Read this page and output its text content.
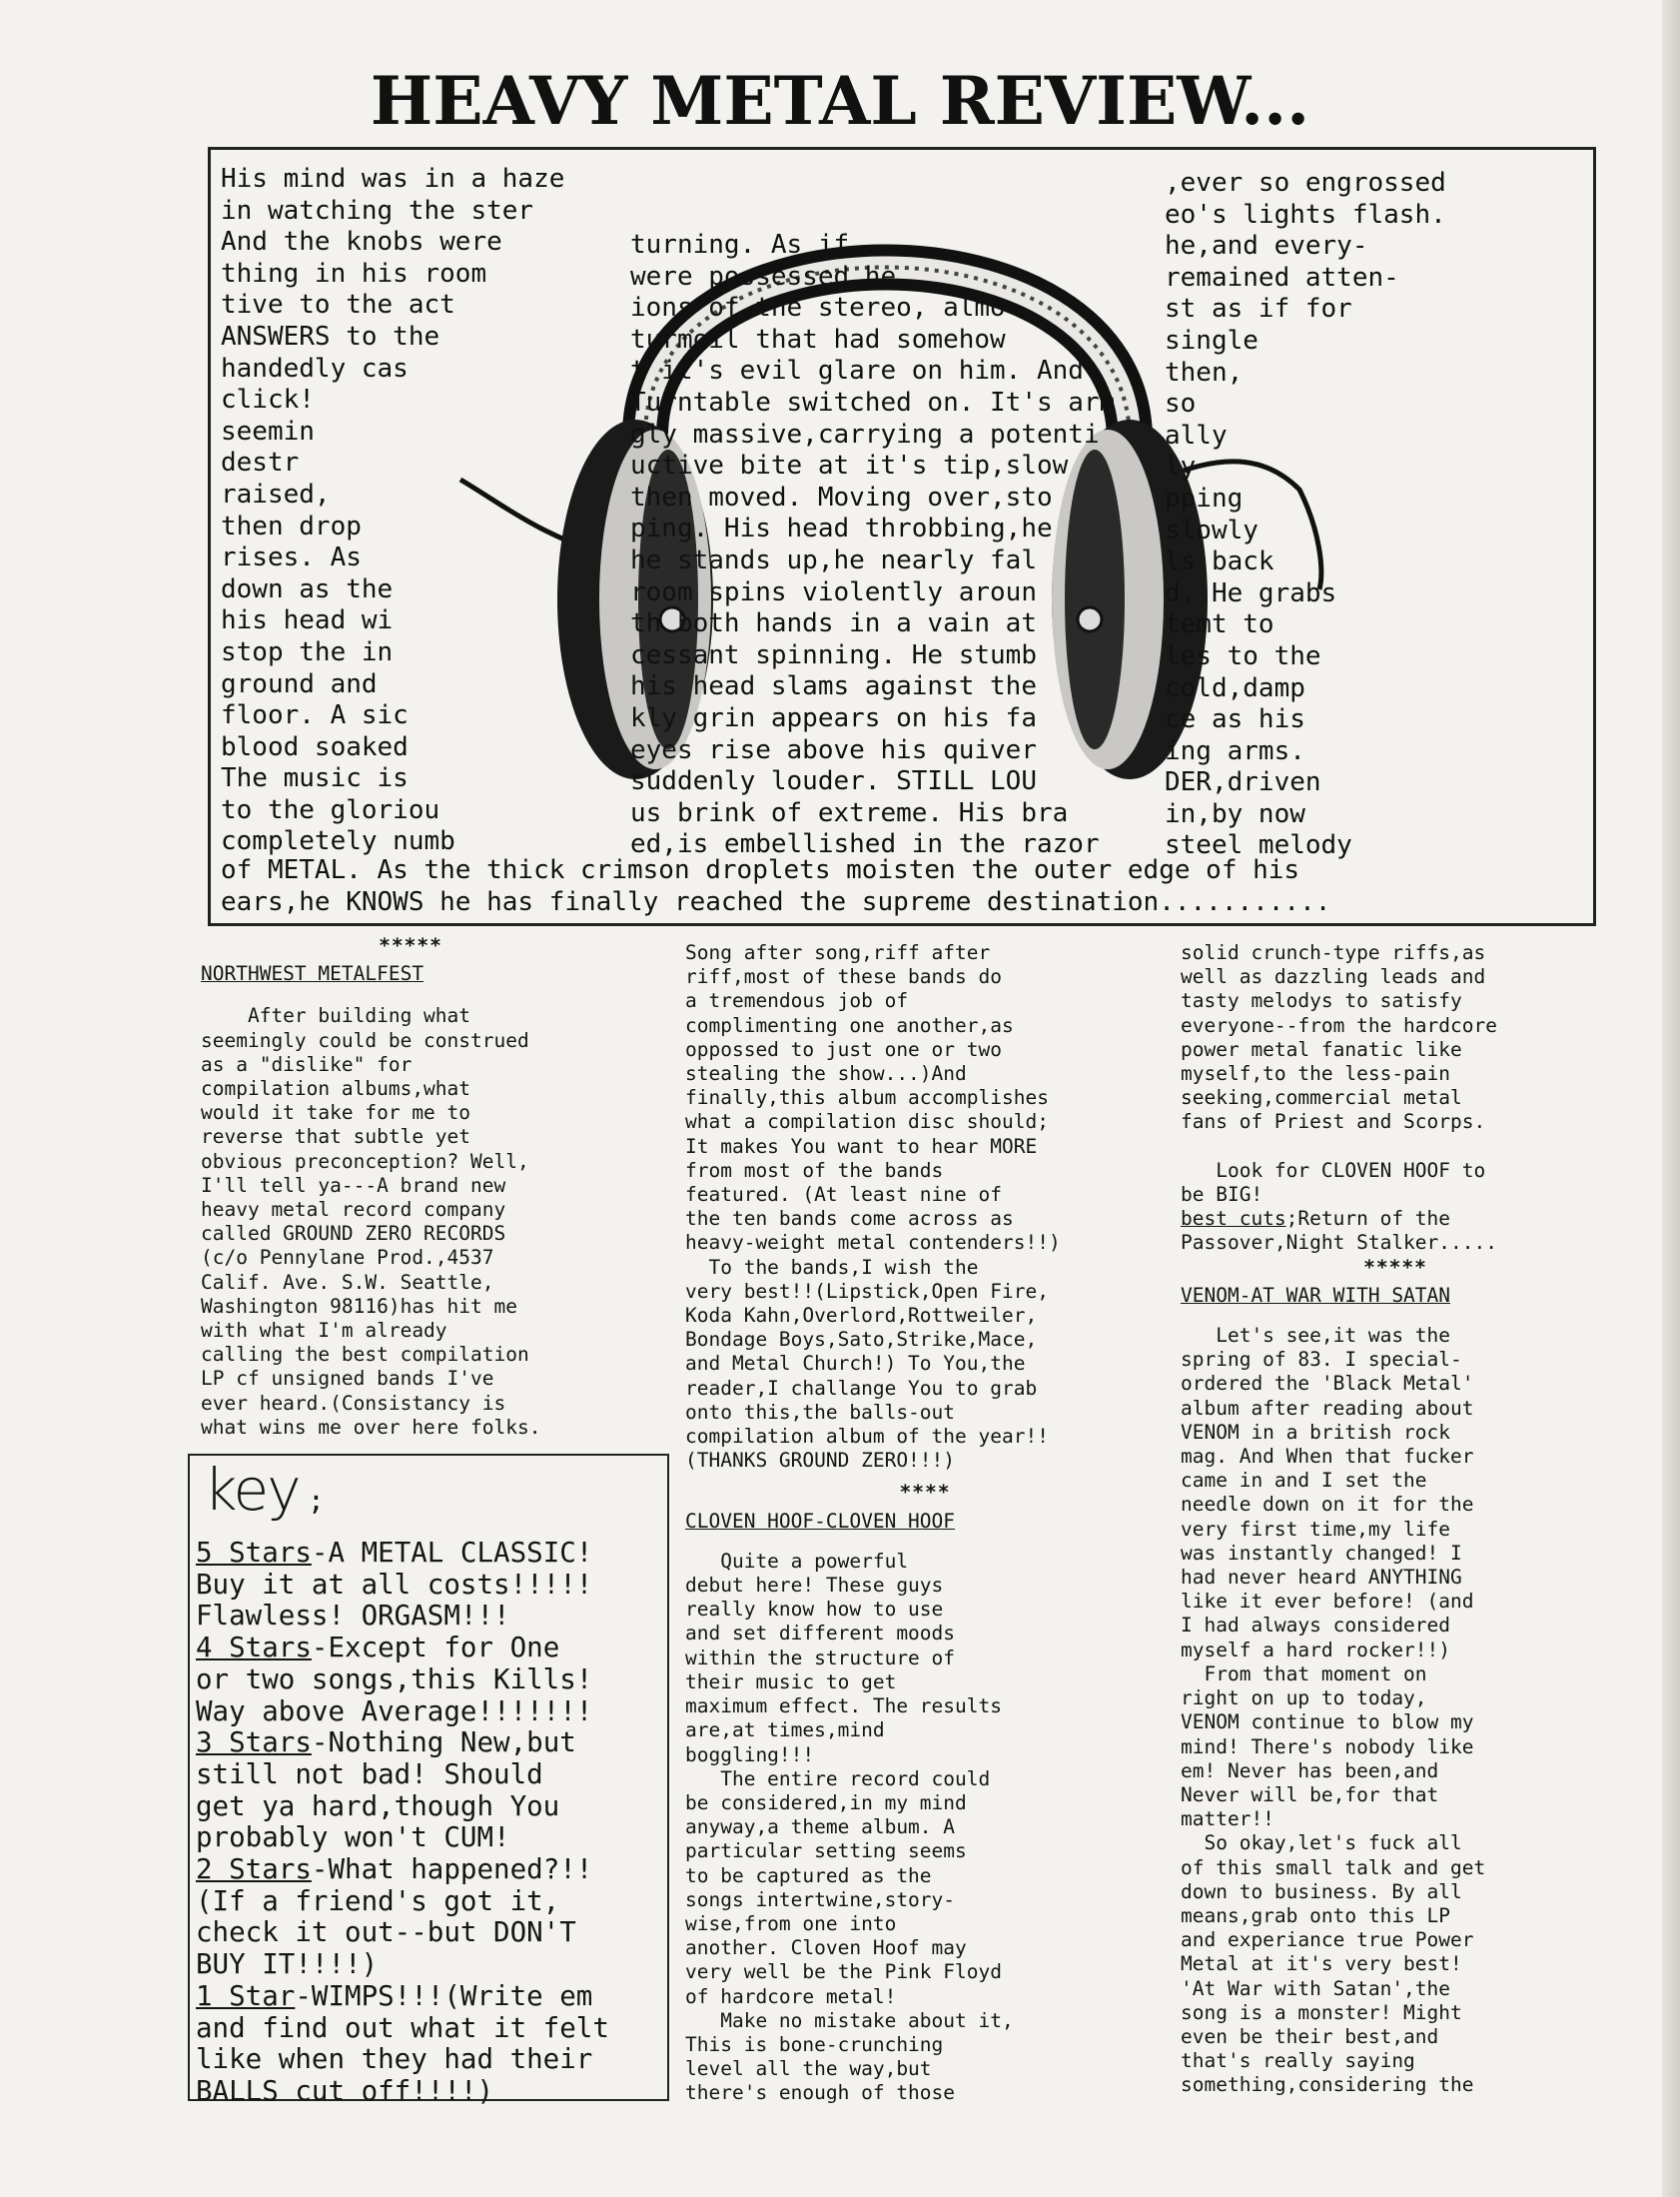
HEAVY METAL REVIEW...
His mind was in a haze
in watching the ster
And the knobs were
thing in his room
tive to the act
ANSWERS to the
handedly cas
click!
seemin
destr
raised,
then drop
rises. As
down as the
his head wi
stop the in
ground and
floor. A sic
blood soaked
The music is
to the gloriou
completely numb
turning. As if
were possessed he
ions of the stereo, almo
turmoil that had somehow
t it's evil glare on him. And
Turntable switched on. It's arm
gly massive,carrying a potenti
uctive bite at it's tip,slow
then moved. Moving over,sto
ping. His head throbbing,he
he stands up,he nearly fal
room spins violently aroun
th both hands in a vain at
cessant spinning. He stumb
his head slams against the
kly grin appears on his fa
eyes rise above his quiver
suddenly louder. STILL LOU
us brink of extreme. His bra
ed,is embellished in the razor
,ever so engrossed
eo's lights flash.
he,and every-
remained atten-
st as if for
single
then,
so
ally
ly
pping
slowly
ls back
d. He grabs
temt to
les to the
cold,damp
ce as his
ing arms.
DER,driven
in,by now
steel melody
of METAL. As the thick crimson droplets moisten the outer edge of his
ears,he KNOWS he has finally reached the supreme destination...........

*****

NORTHWEST METALFEST

After building what

seemingly could be construed

as a "dislike" for

compilation albums,what

would it take for me to

reverse that subtle yet

obvious preconception? Well,

I'll tell ya---A brand new

heavy metal record company

called GROUND ZERO RECORDS

(c/o Pennylane Prod.,4537

Calif. Ave. S.W. Seattle,

Washington 98116)has hit me

with what I'm already

calling the best compilation

LP cf unsigned bands I've

ever heard.(Consistancy is

what wins me over here folks.

key ;
5 Stars-A METAL CLASSIC!
Buy it at all costs!!!!!
Flawless! ORGASM!!!
4 Stars-Except for One
or two songs,this Kills!
Way above Average!!!!!!!
3 Stars-Nothing New,but
still not bad! Should
get ya hard,though You
probably won't CUM!
2 Stars-What happened?!!
(If a friend's got it,
check it out--but DON'T
BUY IT!!!!)
1 Star-WIMPS!!!(Write em
and find out what it felt
like when they had their
BALLS cut off!!!!)

Song after song,riff after

riff,most of these bands do

a tremendous job of

complimenting one another,as

oppossed to just one or two

stealing the show...)And

finally,this album accomplishes

what a compilation disc should;

It makes You want to hear MORE

from most of the bands

featured. (At least nine of

the ten bands come across as

heavy-weight metal contenders!!)

To the bands,I wish the

very best!!(Lipstick,Open Fire,

Koda Kahn,Overlord,Rottweiler,

Bondage Boys,Sato,Strike,Mace,

and Metal Church!) To You,the

reader,I challange You to grab

onto this,the balls-out

compilation album of the year!!

(THANKS GROUND ZERO!!!)

****

CLOVEN HOOF-CLOVEN HOOF

Quite a powerful

debut here! These guys

really know how to use

and set different moods

within the structure of

their music to get

maximum effect. The results

are,at times,mind

boggling!!!

The entire record could

be considered,in my mind

anyway,a theme album. A

particular setting seems

to be captured as the

songs intertwine,story-

wise,from one into

another. Cloven Hoof may

very well be the Pink Floyd

of hardcore metal!

Make no mistake about it,

This is bone-crunching

level all the way,but

there's enough of those

solid crunch-type riffs,as

well as dazzling leads and

tasty melodys to satisfy

everyone--from the hardcore

power metal fanatic like

myself,to the less-pain

seeking,commercial metal

fans of Priest and Scorps.

Look for CLOVEN HOOF to

be BIG!

best cuts;Return of the

Passover,Night Stalker.....

*****

VENOM-AT WAR WITH SATAN

Let's see,it was the

spring of 83. I special-

ordered the 'Black Metal'

album after reading about

VENOM in a british rock

mag. And When that fucker

came in and I set the

needle down on it for the

very first time,my life

was instantly changed! I

had never heard ANYTHING

like it ever before! (and

I had always considered

myself a hard rocker!!)

From that moment on

right on up to today,

VENOM continue to blow my

mind! There's nobody like

em! Never has been,and

Never will be,for that

matter!!

So okay,let's fuck all

of this small talk and get

down to business. By all

means,grab onto this LP

and experiance true Power

Metal at it's very best!

'At War with Satan',the

song is a monster! Might

even be their best,and

that's really saying

something,considering the
